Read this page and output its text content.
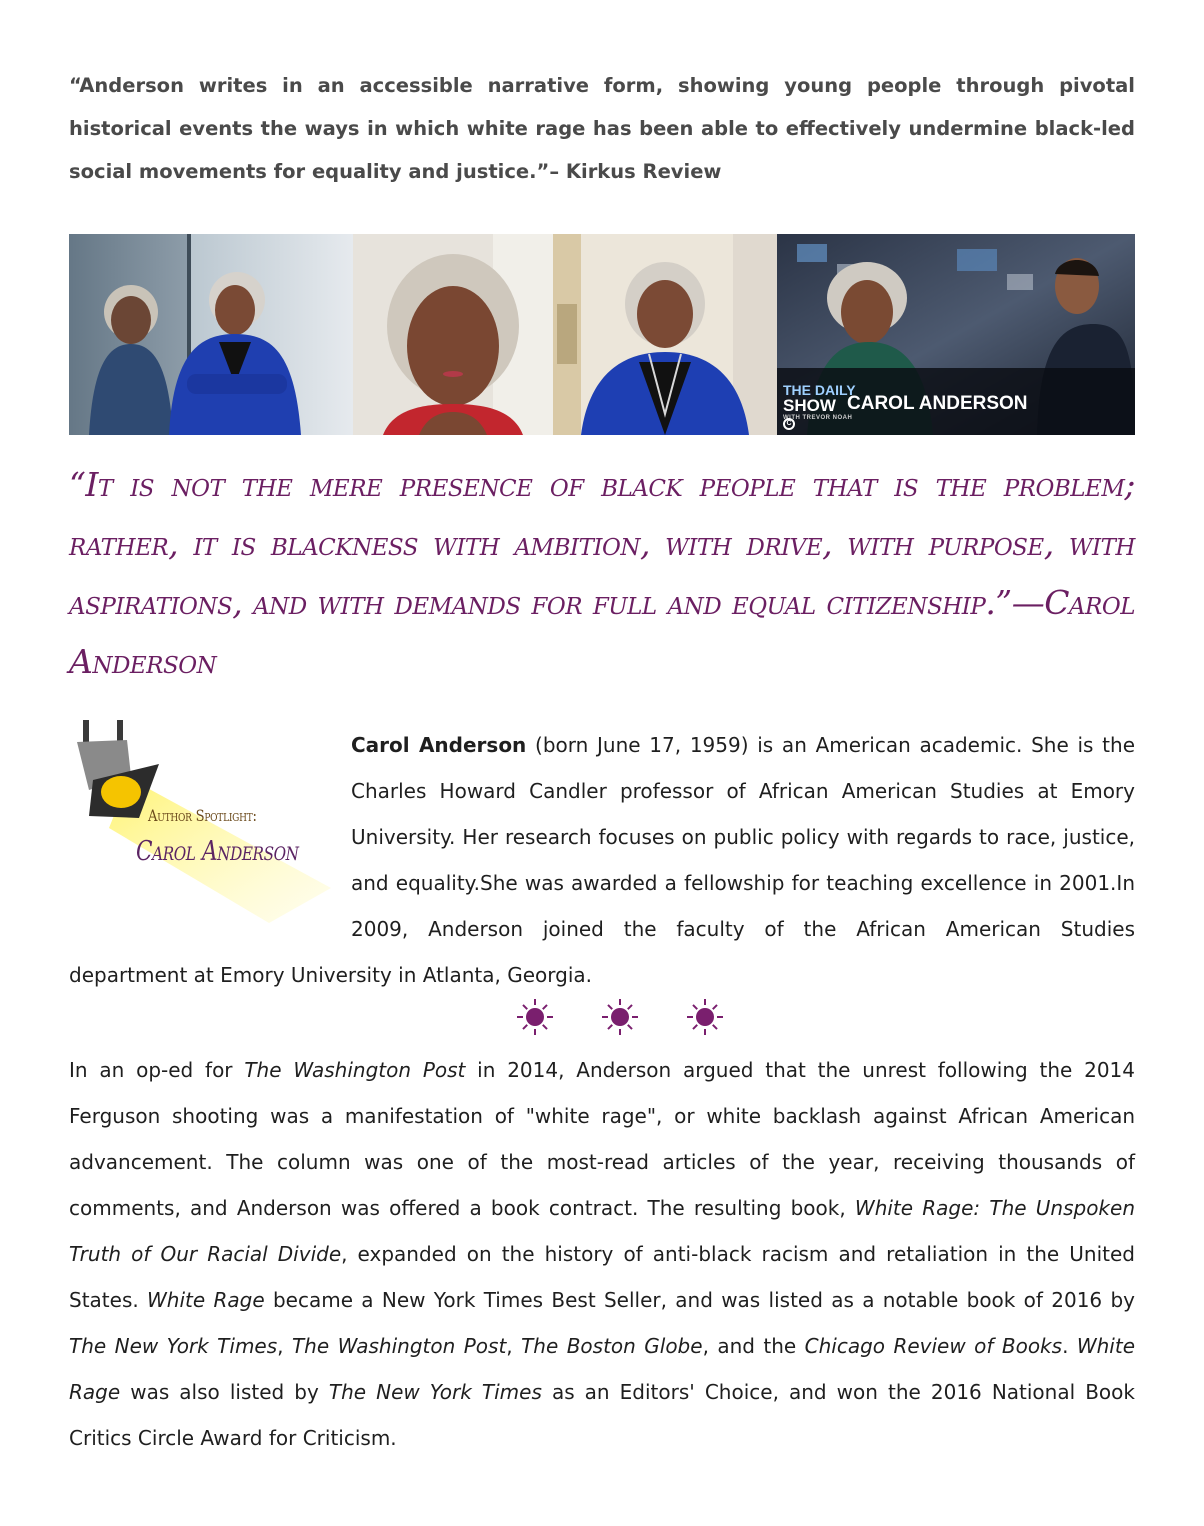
“Anderson writes in an accessible narrative form, showing young people through pivotal historical events the ways in which white rage has been able to effectively undermine black-led social movements for equality and justice.”– Kirkus Review

THE DAILY
SHOW
WITH TREVOR NOAH
CAROL ANDERSON
C

“It is not the mere presence of black people that is the problem; rather, it is blackness with ambition, with drive, with purpose, with aspirations, and with demands for full and equal citizenship.”—Carol Anderson

Author Spotlight:
Carol Anderson

Carol Anderson (born June 17, 1959) is an American academic. She is the Charles Howard Candler professor of African American Studies at Emory University. Her research focuses on public policy with regards to race, justice, and equality.She was awarded a fellowship for teaching excellence in 2001.In 2009, Anderson joined the faculty of the African American Studies department at Emory University in Atlanta, Georgia.

In an op-ed for The Washington Post in 2014, Anderson argued that the unrest following the 2014 Ferguson shooting was a manifestation of "white rage", or white backlash against African American advancement. The column was one of the most-read articles of the year, receiving thousands of comments, and Anderson was offered a book contract. The resulting book, White Rage: The Unspoken Truth of Our Racial Divide, expanded on the history of anti-black racism and retaliation in the United States. White Rage became a New York Times Best Seller, and was listed as a notable book of 2016 by The New York Times, The Washington Post, The Boston Globe, and the Chicago Review of Books. White Rage was also listed by The New York Times as an Editors' Choice, and won the 2016 National Book Critics Circle Award for Criticism.
